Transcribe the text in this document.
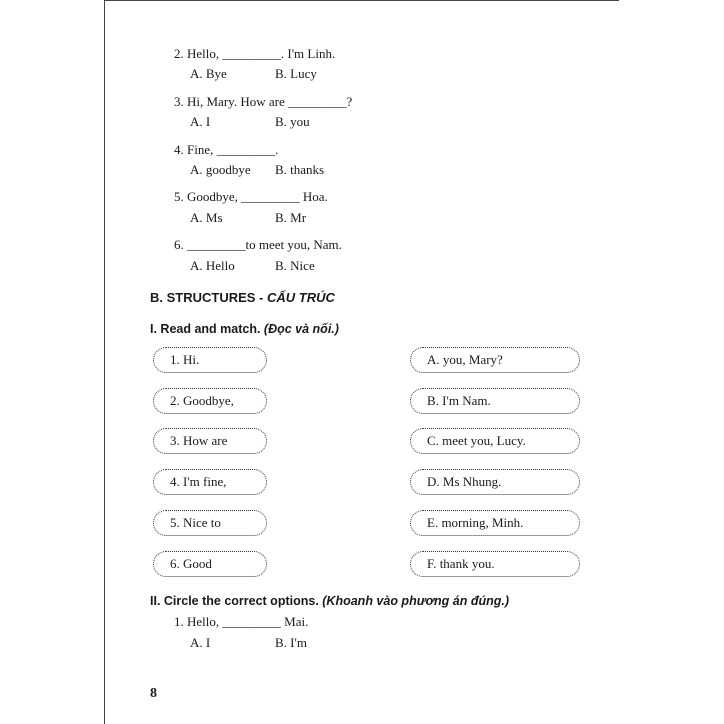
2. Hello, _________. I'm Linh.
A. Bye	B. Lucy
3. Hi, Mary. How are _________?
A. I	B. you
4. Fine, _________.
A. goodbye B. thanks
5. Goodbye, _________ Hoa.
A. Ms	B. Mr
6. _________to meet you, Nam.
A. Hello	B. Nice
B. STRUCTURES - CẤU TRÚC
I. Read and match. (Đọc và nối.)
1. Hi.
2. Goodbye,
3. How are
4. I'm fine,
5. Nice to
6. Good
A. you, Mary?
B. I'm Nam.
C. meet you, Lucy.
D. Ms Nhung.
E. morning, Minh.
F. thank you.
II. Circle the correct options. (Khoanh vào phương án đúng.)
1. Hello, _________ Mai.
A. I	B. I'm
8
